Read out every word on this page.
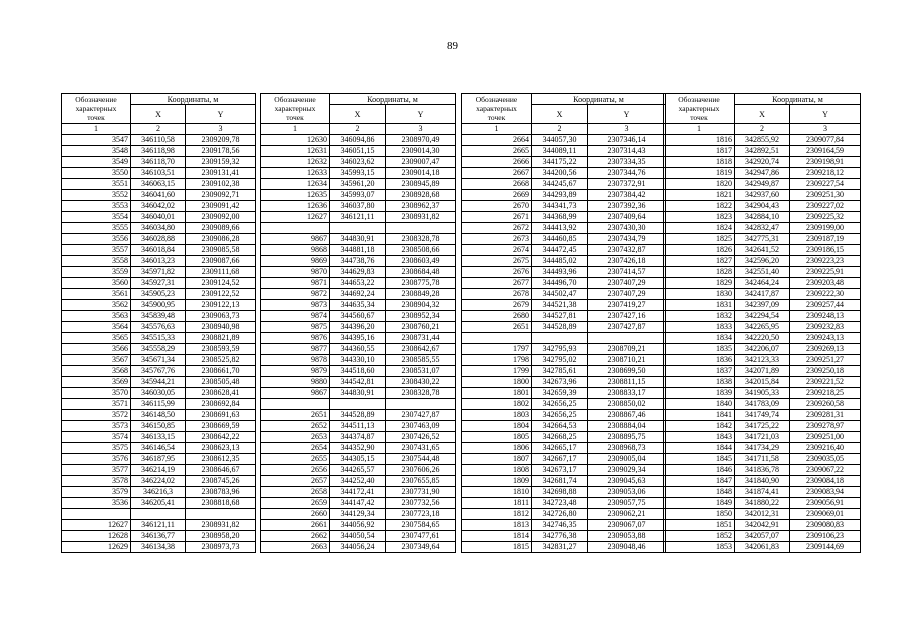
89
Обозначение
характерных
точек	Координаты, м	
	X	Y
1	2	3
3547	346110,58	2309209,78
3548	346118,98	2309178,56
3549	346118,70	2309159,32
3550	346103,51	2309131,41
3551	346063,15	2309102,38
3552	346041,60	2309092,71
3553	346042,02	2309091,42
3554	346040,01	2309092,00
3555	346034,80	2309089,66
3556	346028,88	2309086,28
3557	346018,84	2309085,58
3558	346013,23	2309087,66
3559	345971,82	2309111,68
3560	345927,31	2309124,52
3561	345905,23	2309122,52
3562	345900,95	2309122,13
3563	345839,48	2309063,73
3564	345576,63	2308940,98
3565	345515,33	2308821,89
3566	345558,29	2308593,59
3567	345671,34	2308525,82
3568	345767,76	2308661,70
3569	345944,21	2308505,48
3570	346030,05	2308628,41
3571	346115,99	2308692,84
3572	346148,50	2308691,63
3573	346150,85	2308669,59
3574	346133,15	2308642,22
3575	346146,54	2308623,13
3576	346187,95	2308612,35
3577	346214,19	2308646,67
3578	346224,02	2308745,26
3579	346216,3	2308783,96
3536	346205,41	2308818,68

12627	346121,11	2308931,82
12628	346136,77	2308958,20
12629	346134,38	2308973,73
Обозначение
характерных
точек	Координаты, м	
	X	Y
1	2	3
12630	346094,86	2308970,49
12631	346051,15	2309014,30
12632	346023,62	2309007,47
12633	345993,15	2309014,18
12634	345961,20	2308945,89
12635	345993,07	2308928,68
12636	346037,80	2308962,37
12627	346121,11	2308931,82

9867	344830,91	2308328,78
9868	344881,18	2308508,66
9869	344738,76	2308603,49
9870	344629,83	2308684,48
9871	344653,22	2308775,78
9872	344692,24	2308849,28
9873	344635,34	2308904,32
9874	344560,67	2308952,34
9875	344396,20	2308760,21
9876	344395,16	2308731,44
9877	344360,55	2308642,67
9878	344330,10	2308585,55
9879	344518,60	2308531,07
9880	344542,81	2308430,22
9867	344830,91	2308328,78

2651	344528,89	2307427,87
2652	344511,13	2307463,09
2653	344374,87	2307426,52
2654	344352,90	2307431,65
2655	344305,15	2307544,48
2656	344265,57	2307606,26
2657	344252,40	2307655,85
2658	344172,41	2307731,90
2659	344147,42	2307732,56
2660	344129,34	2307723,18
2661	344056,92	2307584,65
2662	344050,54	2307477,61
2663	344056,24	2307349,64
Обозначение
характерных
точек	Координаты, м	
	X	Y
1	2	3
2664	344057,30	2307346,14
2665	344089,11	2307314,43
2666	344175,22	2307334,35
2667	344200,56	2307344,76
2668	344245,67	2307372,91
2669	344293,89	2307384,42
2670	344341,73	2307392,36
2671	344368,99	2307409,64
2672	344413,92	2307430,30
2673	344460,85	2307434,79
2674	344472,45	2307432,87
2675	344485,02	2307426,18
2676	344493,96	2307414,57
2677	344496,70	2307407,29
2678	344502,47	2307407,29
2679	344521,38	2307419,27
2680	344527,81	2307427,16
2651	344528,89	2307427,87

1797	342795,93	2308709,21
1798	342795,02	2308710,21
1799	342785,61	2308699,50
1800	342673,96	2308811,15
1801	342659,39	2308833,17
1802	342656,25	2308850,02
1803	342656,25	2308867,46
1804	342664,53	2308884,04
1805	342668,25	2308895,75
1806	342665,17	2308968,73
1807	342667,17	2309005,04
1808	342673,17	2309029,34
1809	342681,74	2309045,63
1810	342698,88	2309053,06
1811	342723,48	2309057,75
1812	342726,80	2309062,21
1813	342746,35	2309067,07
1814	342776,38	2309053,88
1815	342831,27	2309048,46
Обозначение
характерных
точек	Координаты, м	
	X	Y
1	2	3
1816	342855,92	2309077,84
1817	342892,51	2309164,59
1818	342920,74	2309198,91
1819	342947,86	2309218,12
1820	342949,87	2309227,54
1821	342937,60	2309251,30
1822	342904,43	2309227,02
1823	342884,10	2309225,32
1824	342832,47	2309199,00
1825	342775,31	2309187,19
1826	342641,52	2309186,15
1827	342596,20	2309223,23
1828	342551,40	2309225,91
1829	342464,24	2309203,48
1830	342417,87	2309222,30
1831	342397,09	2309257,44
1832	342294,54	2309248,13
1833	342265,95	2309232,83
1834	342220,50	2309243,13
1835	342206,07	2309269,13
1836	342123,33	2309251,27
1837	342071,89	2309250,18
1838	342015,84	2309221,52
1839	341905,33	2309218,25
1840	341783,09	2309260,58
1841	341749,74	2309281,31
1842	341725,22	2309278,97
1843	341721,03	2309251,00
1844	341734,29	2309216,40
1845	341711,58	2309035,05
1846	341836,78	2309067,22
1847	341840,90	2309084,18
1848	341874,41	2309083,94
1849	341880,22	2309056,91
1850	342012,31	2309069,01
1851	342042,91	2309080,83
1852	342057,07	2309106,23
1853	342061,83	2309144,69
